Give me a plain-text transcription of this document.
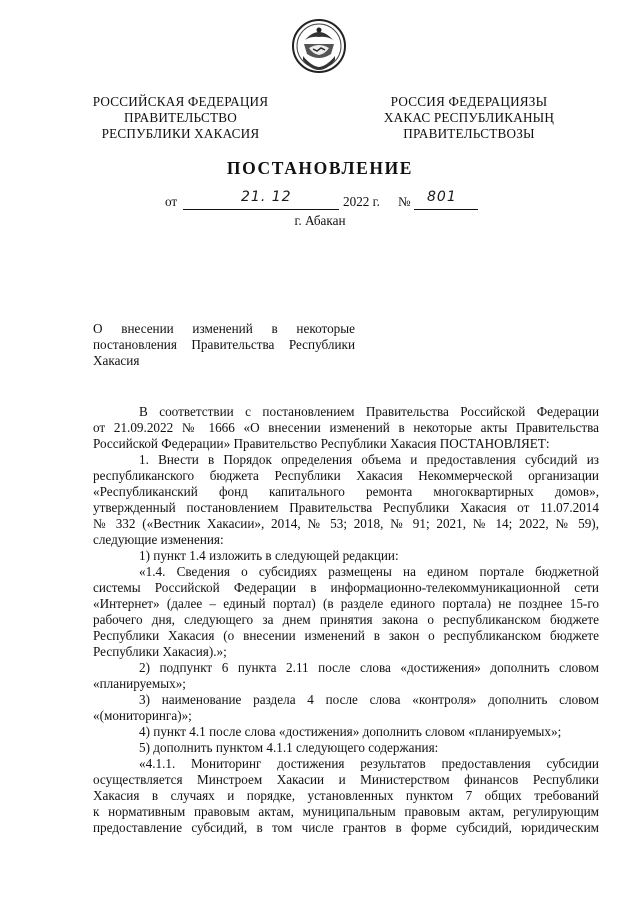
РОССИЙСКАЯ ФЕДЕРАЦИЯ
ПРАВИТЕЛЬСТВО
РЕСПУБЛИКИ ХАКАСИЯ
РОССИЯ ФЕДЕРАЦИЯЗЫ
ХАКАС РЕСПУБЛИКАНЫҢ
ПРАВИТЕЛЬСТВОЗЫ
ПОСТАНОВЛЕНИЕ
от	21. 12	2022 г. № 801
г. Абакан
О внесении изменений в некоторые
постановления Правительства Республики
Хакасия
В соответствии с постановлением Правительства Российской Федерации
от 21.09.2022 № 1666 «О внесении изменений в некоторые акты Правительства
Российской Федерации» Правительство Республики Хакасия ПОСТАНОВЛЯЕТ:
1. Внести в Порядок определения объема и предоставления субсидий из
республиканского бюджета Республики Хакасия Некоммерческой организации
«Республиканский фонд капитального ремонта многоквартирных домов»,
утвержденный постановлением Правительства Республики Хакасия от 11.07.2014
№ 332 («Вестник Хакасии», 2014, № 53; 2018, № 91; 2021, № 14; 2022, № 59),
следующие изменения:
1) пункт 1.4 изложить в следующей редакции:
«1.4. Сведения о субсидиях размещены на едином портале бюджетной
системы Российской Федерации в информационно-телекоммуникационной сети
«Интернет» (далее – единый портал) (в разделе единого портала) не позднее 15-го
рабочего дня, следующего за днем принятия закона о республиканском бюджете
Республики Хакасия (о внесении изменений в закон о республиканском бюджете
Республики Хакасия).»;
2) подпункт 6 пункта 2.11 после слова «достижения» дополнить словом
«планируемых»;
3) наименование раздела 4 после слова «контроля» дополнить словом
«(мониторинга)»;
4) пункт 4.1 после слова «достижения» дополнить словом «планируемых»;
5) дополнить пунктом 4.1.1 следующего содержания:
«4.1.1. Мониторинг достижения результатов предоставления субсидии
осуществляется Минстроем Хакасии и Министерством финансов Республики
Хакасия в случаях и порядке, установленных пунктом 7 общих требований
к нормативным правовым актам, муниципальным правовым актам, регулирующим
предоставление субсидий, в том числе грантов в форме субсидий, юридическим
